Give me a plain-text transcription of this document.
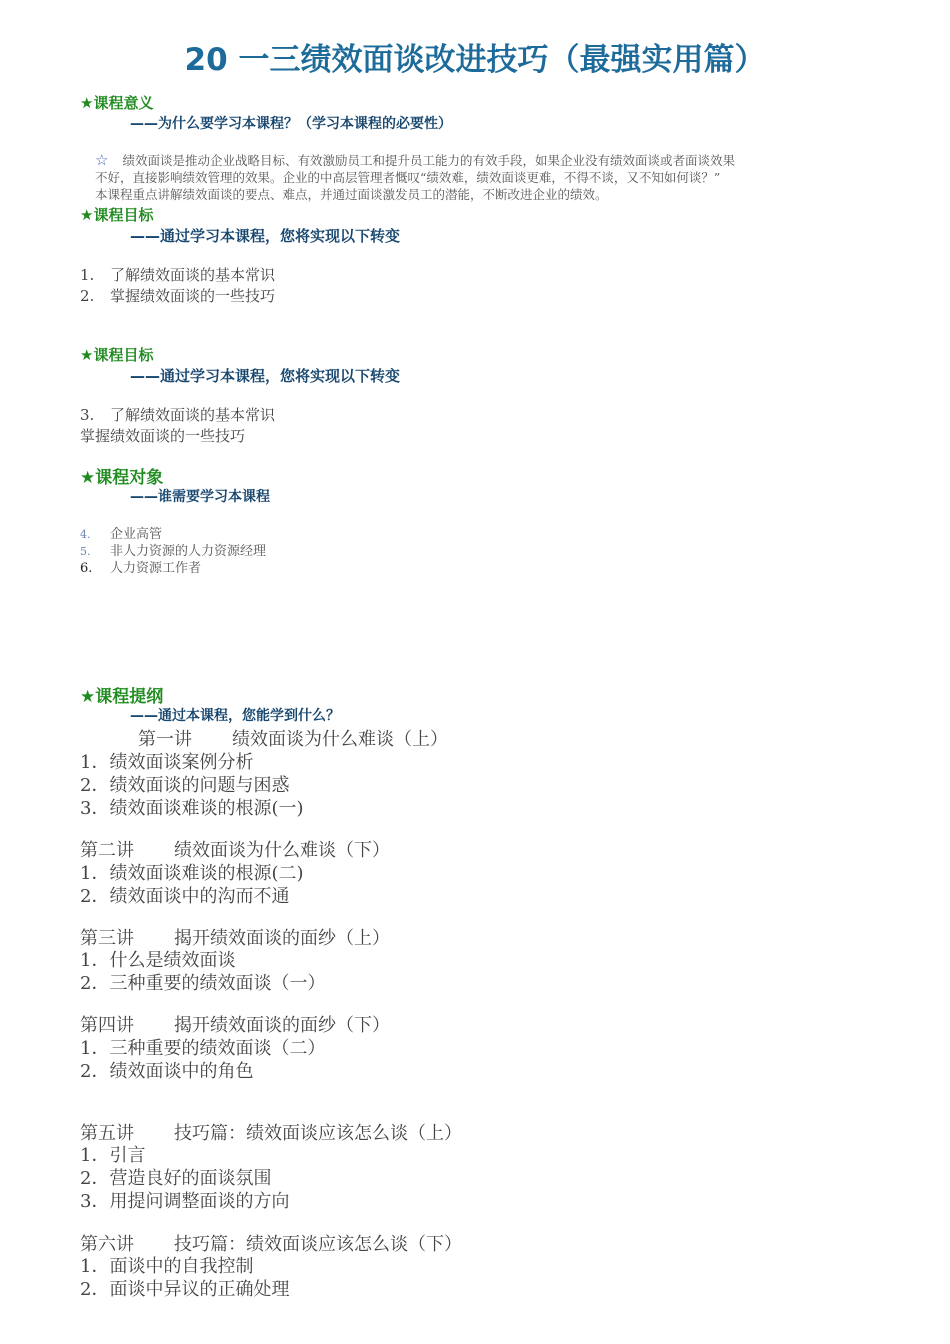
20 一三绩效面谈改进技巧（最强实用篇）
★课程意义
——为什么要学习本课程？（学习本课程的必要性）
☆ 绩效面谈是推动企业战略目标、有效激励员工和提升员工能力的有效手段，如果企业没有绩效面谈或者面谈效果
不好，直接影响绩效管理的效果。企业的中高层管理者慨叹“绩效难，绩效面谈更难，不得不谈，又不知如何谈？”
本课程重点讲解绩效面谈的要点、难点，并通过面谈激发员工的潜能，不断改进企业的绩效。
★课程目标
——通过学习本课程，您将实现以下转变
1. 了解绩效面谈的基本常识
2. 掌握绩效面谈的一些技巧
★课程目标
——通过学习本课程，您将实现以下转变
3. 了解绩效面谈的基本常识
掌握绩效面谈的一些技巧
★课程对象
——谁需要学习本课程
4. 企业高管
5. 非人力资源的人力资源经理
6. 人力资源工作者
★课程提纲
——通过本课程，您能学到什么？
第一讲 绩效面谈为什么难谈（上）
1．绩效面谈案例分析
2．绩效面谈的问题与困惑
3．绩效面谈难谈的根源(一)
第二讲 绩效面谈为什么难谈（下）
1．绩效面谈难谈的根源(二)
2．绩效面谈中的沟而不通
第三讲 揭开绩效面谈的面纱（上）
1．什么是绩效面谈
2．三种重要的绩效面谈（一）
第四讲 揭开绩效面谈的面纱（下）
1．三种重要的绩效面谈（二）
2．绩效面谈中的角色
第五讲 技巧篇：绩效面谈应该怎么谈（上）
1．引言
2．营造良好的面谈氛围
3．用提问调整面谈的方向
第六讲 技巧篇：绩效面谈应该怎么谈（下）
1．面谈中的自我控制
2．面谈中异议的正确处理
